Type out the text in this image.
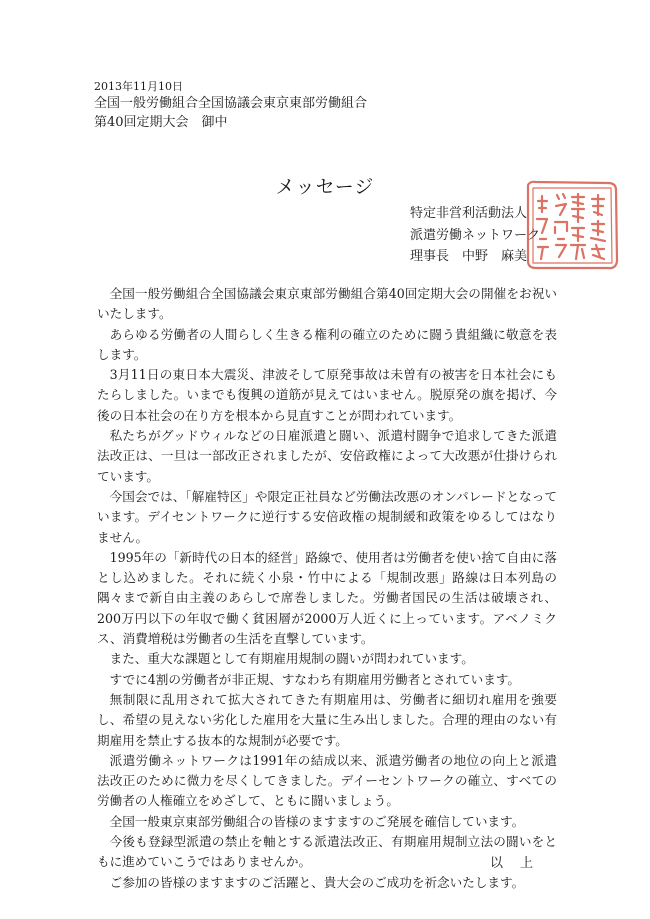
2013年11月10日
全国一般労働組合全国協議会東京東部労働組合
第40回定期大会　御中
メッセージ
特定非営利活動法人
派遣労働ネットワーク
理事長　中野　麻美

全国一般労働組合全国協議会東京東部労働組合第40回定期大会の開催をお祝いいたします。

あらゆる労働者の人間らしく生きる権利の確立のために闘う貴組織に敬意を表します。

3月11日の東日本大震災、津波そして原発事故は未曽有の被害を日本社会にもたらしました。いまでも復興の道筋が見えてはいません。脱原発の旗を掲げ、今後の日本社会の在り方を根本から見直すことが問われています。

私たちがグッドウィルなどの日雇派遣と闘い、派遣村闘争で追求してきた派遣法改正は、一旦は一部改正されましたが、安倍政権によって大改悪が仕掛けられています。

今国会では、「解雇特区」や限定正社員など労働法改悪のオンパレードとなっています。デイセントワークに逆行する安倍政権の規制緩和政策をゆるしてはなりません。

1995年の「新時代の日本的経営」路線で、使用者は労働者を使い捨て自由に落とし込めました。それに続く小泉・竹中による「規制改悪」路線は日本列島の隅々まで新自由主義のあらしで席巻しました。労働者国民の生活は破壊され、200万円以下の年収で働く貧困層が2000万人近くに上っています。アベノミクス、消費増税は労働者の生活を直撃しています。

また、重大な課題として有期雇用規制の闘いが問われています。

すでに4割の労働者が非正規、すなわち有期雇用労働者とされています。

無制限に乱用されて拡大されてきた有期雇用は、労働者に細切れ雇用を強要し、希望の見えない劣化した雇用を大量に生み出しました。合理的理由のない有期雇用を禁止する抜本的な規制が必要です。

派遣労働ネットワークは1991年の結成以来、派遣労働者の地位の向上と派遣法改正のために微力を尽くしてきました。デイーセントワークの確立、すべての労働者の人権確立をめざして、ともに闘いましょう。

全国一般東京東部労働組合の皆様のますますのご発展を確信しています。

今後も登録型派遣の禁止を軸とする派遣法改正、有期雇用規制立法の闘いをともに進めていこうではありませんか。

ご参加の皆様のますますのご活躍と、貴大会のご成功を祈念いたします。

以　上
